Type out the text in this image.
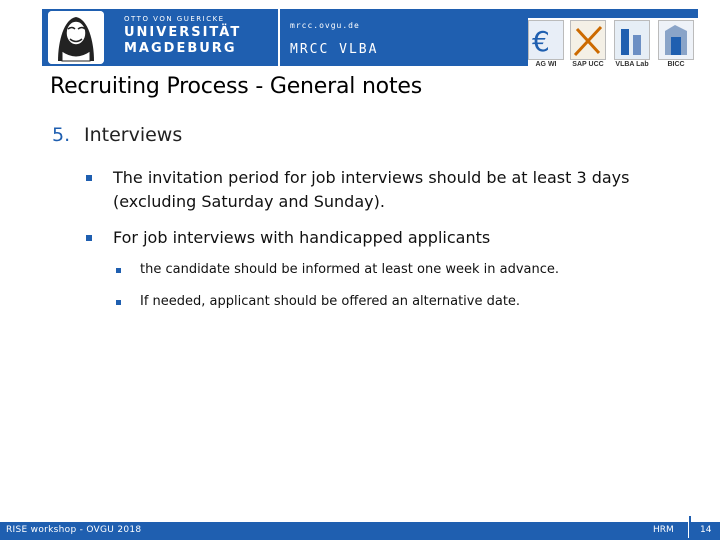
OTTO VON GUERICKE
UNIVERSITÄT
MAGDEBURG
mrcc.ovgu.de
MRCC VLBA	€
AG WI	SAP UCC	VLBA Lab	BICC
Recruiting Process - General notes
5. Interviews
The invitation period for job interviews should be at least 3 days (excluding Saturday and Sunday).
For job interviews with handicapped applicants
the candidate should be informed at least one week in advance.
If needed, applicant should be offered an alternative date.
RISE workshop - OVGU 2018	HRM	14
